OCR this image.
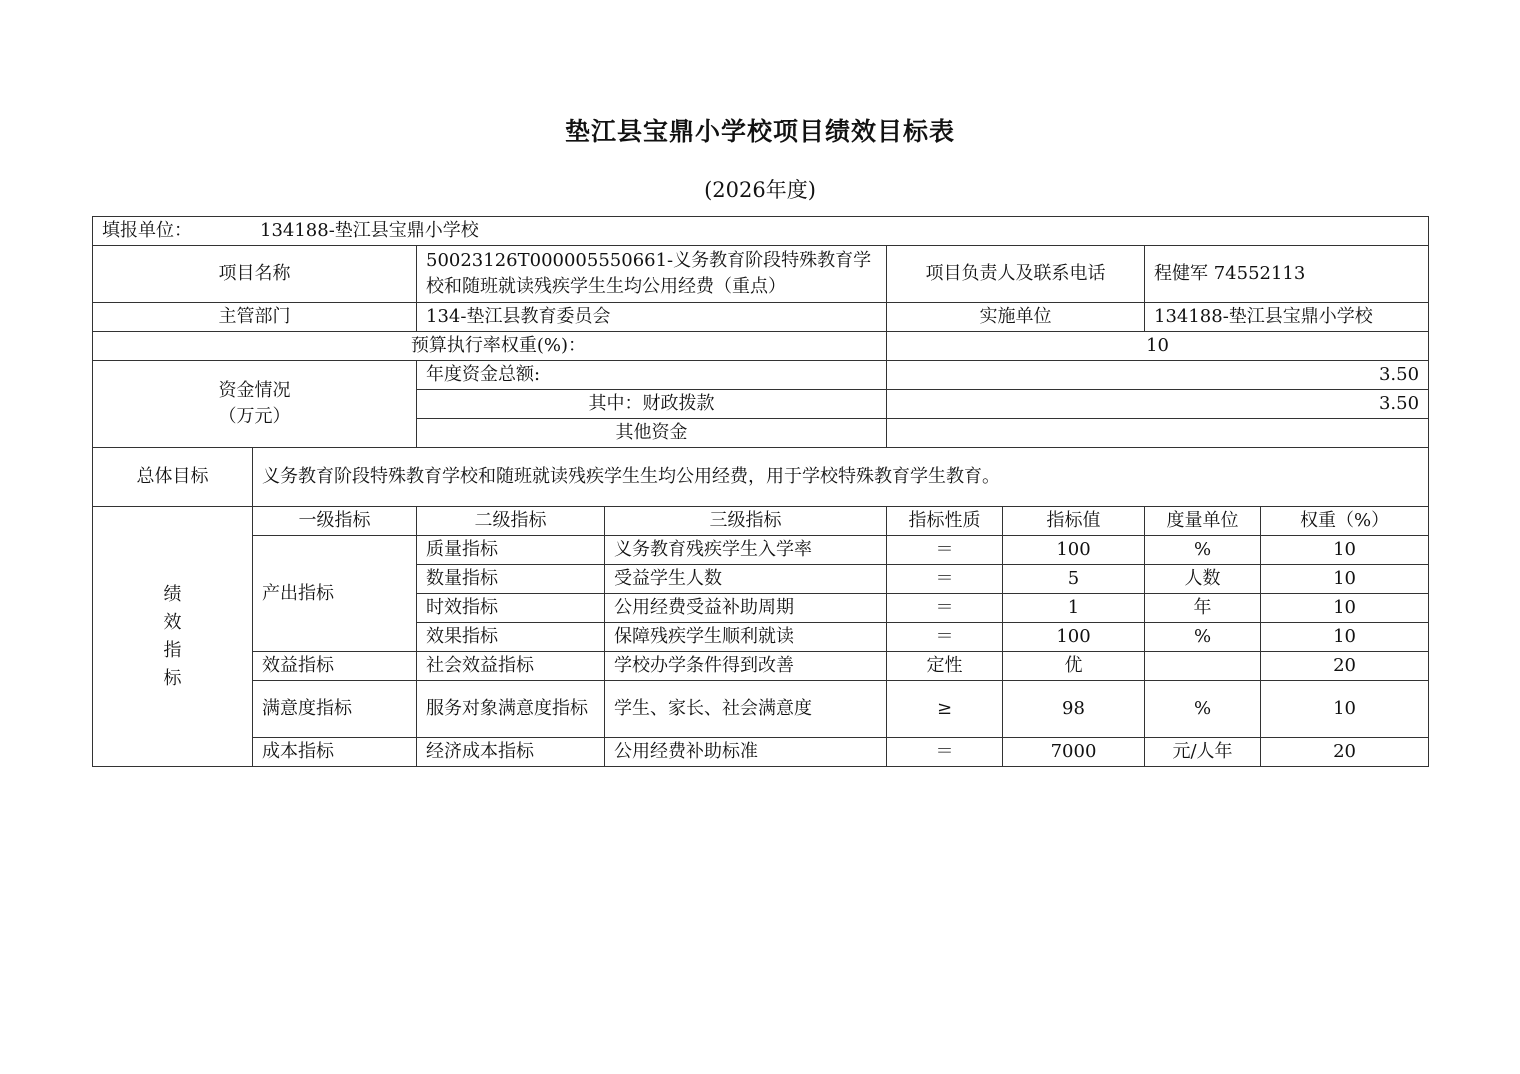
垫江县宝鼎小学校项目绩效目标表
(2026年度)
填报单位： 134188-垫江县宝鼎小学校							
项目名称		50023126T000005550661-义务教育阶段特殊教育学校和随班就读残疾学生生均公用经费（重点）		项目负责人及联系电话		程健军 74552113	
主管部门		134-垫江县教育委员会		实施单位		134188-垫江县宝鼎小学校	
预算执行率权重(%)：				10			

资金情况
（万元）		年度资金总额:		3.50			
		其中：财政拨款		3.50			
		其他资金					
总体目标	义务教育阶段特殊教育学校和随班就读残疾学生生均公用经费，用于学校特殊教育学生教育。						

绩
效
指
标	一级指标	二级指标	三级指标	指标性质	指标值	度量单位	权重（%）
	产出指标	质量指标	义务教育残疾学生入学率	＝	100	%	10
		数量指标	受益学生人数	＝	5	人数	10
		时效指标	公用经费受益补助周期	＝	1	年	10
		效果指标	保障残疾学生顺利就读	＝	100	%	10
	效益指标	社会效益指标	学校办学条件得到改善	定性	优		20
	满意度指标	服务对象满意度指标	学生、家长、社会满意度	≥	98	%	10
	成本指标	经济成本指标	公用经费补助标准	＝	7000	元/人年	20
